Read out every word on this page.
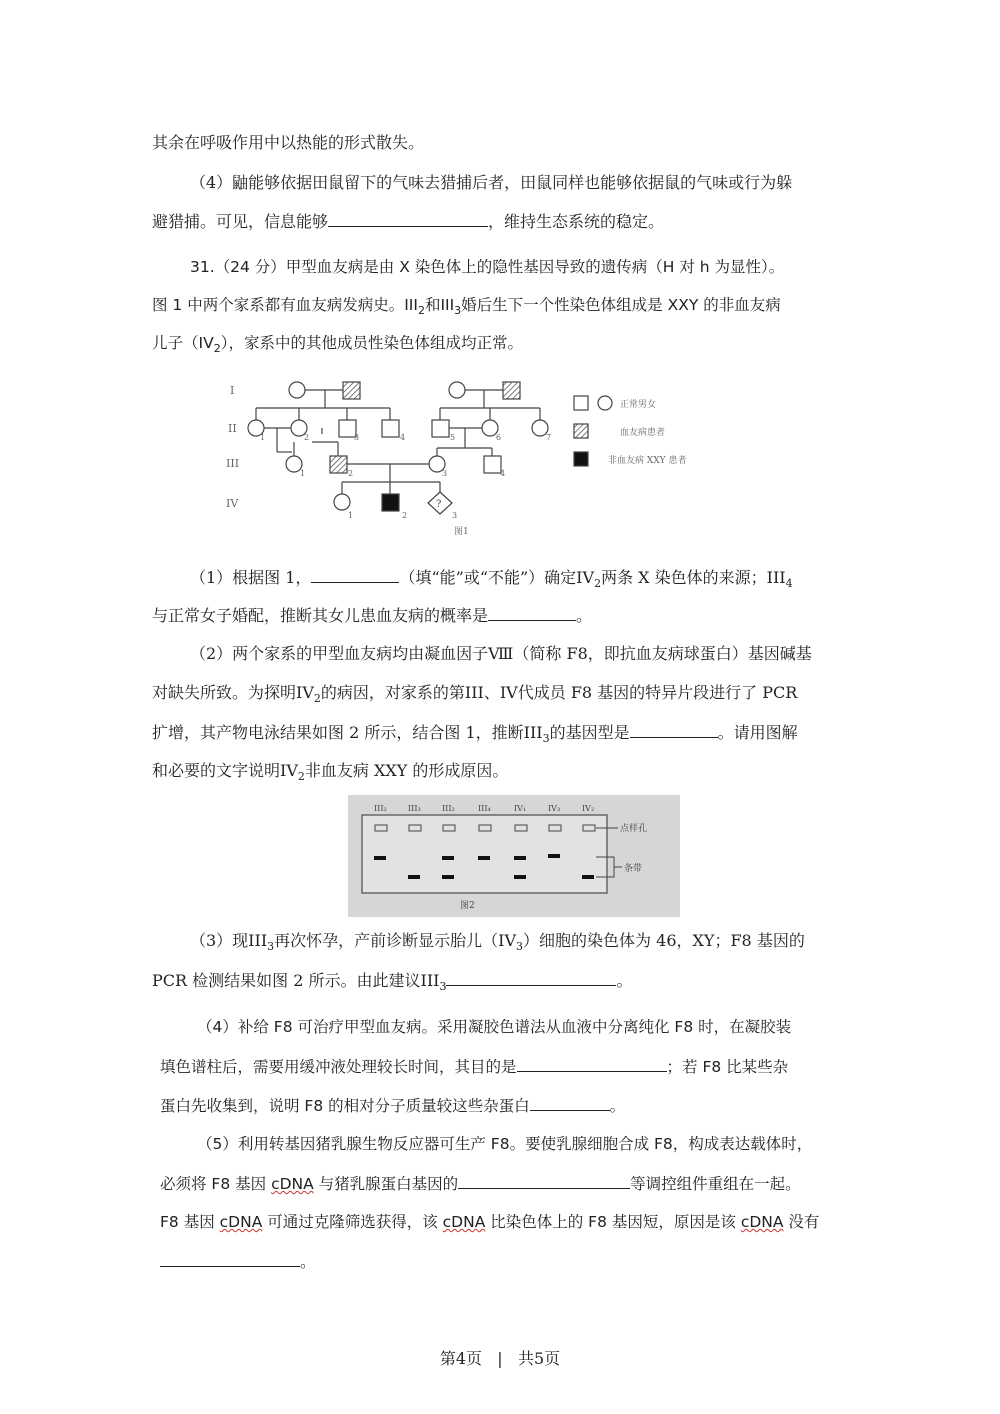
其余在呼吸作用中以热能的形式散失。
（4）鼬能够依据田鼠留下的气味去猎捕后者，田鼠同样也能够依据鼠的气味或行为躲
避猎捕。可见，信息能够	，维持生态系统的稳定。
31.（24 分）甲型血友病是由 X 染色体上的隐性基因导致的遗传病（H 对 h 为显性）。
图 1 中两个家系都有血友病发病史。$III_2$和$III_3$婚后生下一个性染色体组成是 XXY 的非血友病
儿子$(IV_2)$，家系中的其他成员性染色体组成均正常。
I
II
III
IV	?
1	2	3	4	5	6	7
1	2	3	4
1	2	3
正常男女
血友病患者
非血友病 XXY 患者
图1
（1）根据图 1，	（填“能”或“不能”）确定$IV_2$两条 X 染色体的来源；$III_4$
与正常女子婚配，推断其女儿患血友病的概率是	。
（2）两个家系的甲型血友病均由凝血因子Ⅷ（简称 F8，即抗血友病球蛋白）基因碱基
对缺失所致。为探明$IV_2$的病因，对家系的第III、IV代成员 F8 基因的特异片段进行了 PCR
扩增，其产物电泳结果如图 2 所示，结合图 1，推断$III_3$的基因型是	。请用图解
和必要的文字说明$IV_2$非血友病 XXY 的形成原因。
III₂	III₃	III₂	III₄	IV₁	IV₃	IV₂
点样孔
条带
图2
（3）现$III_3$再次怀孕，产前诊断显示胎儿$(IV_3)$细胞的染色体为 46，XY；F8 基因的
PCR 检测结果如图 2 所示。由此建议$III_3$	。
（4）补给 F8 可治疗甲型血友病。采用凝胶色谱法从血液中分离纯化 F8 时，在凝胶装
填色谱柱后，需要用缓冲液处理较长时间，其目的是	；若 F8 比某些杂
蛋白先收集到，说明 F8 的相对分子质量较这些杂蛋白	。
（5）利用转基因猪乳腺生物反应器可生产 F8。要使乳腺细胞合成 F8，构成表达载体时，
必须将 F8 基因 cDNA 与猪乳腺蛋白基因的	等调控组件重组在一起。
F8 基因 cDNA 可通过克隆筛选获得，该 cDNA 比染色体上的 F8 基因短，原因是该 cDNA 没有
。
第4页 | 共5页
